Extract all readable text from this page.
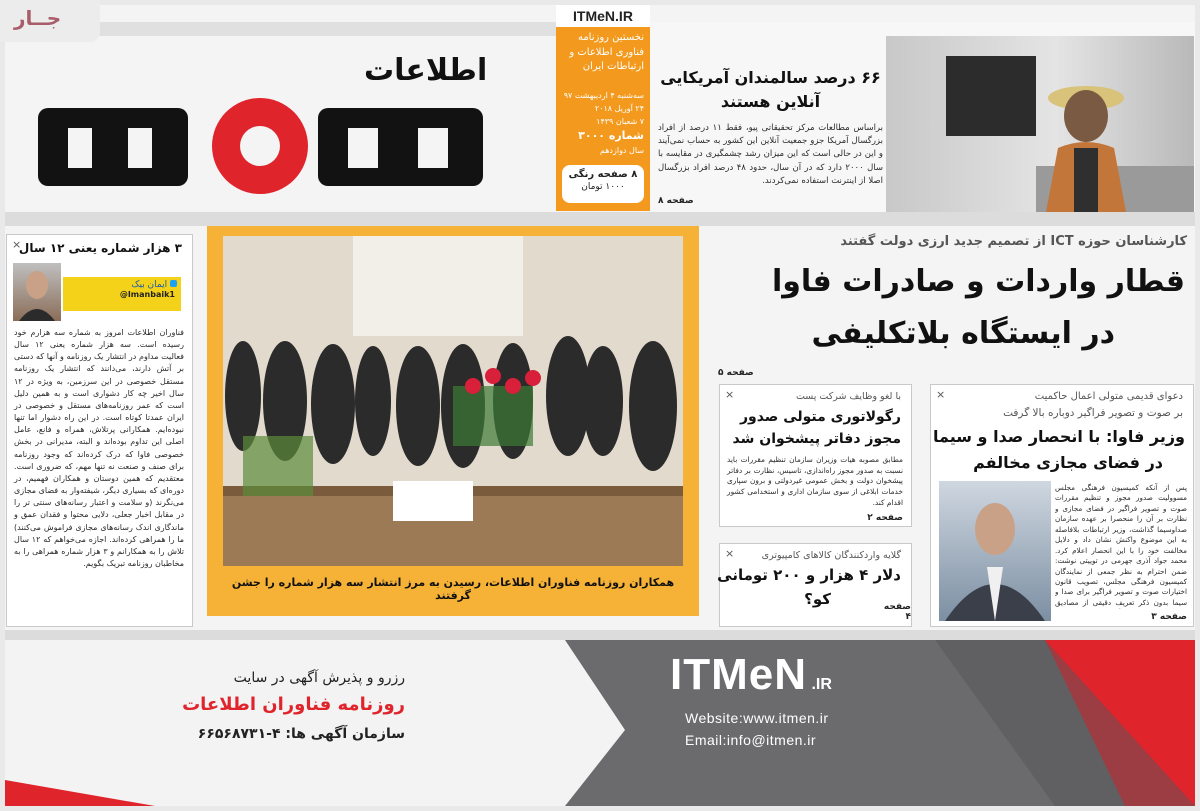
جــار
اطلاعات
ITMeN.IR
نخستین روزنامه فناوری اطلاعات و ارتباطات ایران
سه‌شنبه ۴ اردیبهشت ۹۷
۲۴ آوریل ۲۰۱۸
۷ شعبان ۱۴۳۹
شماره ۳۰۰۰
سال دوازدهم
۸ صفحه رنگی
۱۰۰۰ تومان
۶۶ درصد سالمندان آمریکایی آنلاین هستند
براساس مطالعات مرکز تحقیقاتی پیو، فقط ۱۱ درصد از افراد بزرگسال آمریکا جزو جمعیت آنلاین این کشور به حساب نمی‌آیند و این در حالی است که این میزان رشد چشمگیری در مقایسه با سال ۲۰۰۰ دارد که در آن سال، حدود ۴۸ درصد افراد بزرگسال اصلا از اینترنت استفاده نمی‌کردند.
صفحه ۸
×
۳ هزار شماره یعنی ۱۲ سال
ایمان بیک
@Imanbaik1
فناوران اطلاعات امروز به شماره سه هزارم خود رسیده است. سه هزار شماره یعنی ۱۲ سال فعالیت مداوم در انتشار یک روزنامه و آنها که دستی بر آتش دارند، می‌دانند که انتشار یک روزنامه مستقل خصوصی در این سرزمین، به ویژه در ۱۲ سال اخیر چه کار دشواری است و به همین دلیل است که عمر روزنامه‌های مستقل و خصوصی در ایران عمدتا کوتاه است. در این راه دشوار اما تنها نبوده‌ایم. همکارانی پرتلاش، همراه و فانع، عامل اصلی این تداوم بوده‌اند و البته، مدیرانی در بخش خصوصی فاوا که درک کرده‌اند که وجود روزنامه برای صنف و صنعت نه تنها مهم، که ضروری است. معتقدیم که همین دوستان و همکاران فهمیم، در دوره‌ای که بسیاری دیگر، شیفته‌وار به فضای مجازی می‌نگرند (و سلامت و اعتبار رسانه‌های سنتی تر را در مقابل اخبار جعلی، دلایی محتوا و فقدان عمق و ماندگاری اندک رسانه‌های مجازی فراموش می‌کنند) ما را همراهی کرده‌اند. اجازه می‌خواهم که ۱۲ سال تلاش را به همکارانم و ۳ هزار شماره همراهی را به مخاطبان روزنامه تبریک بگویم.
همکاران روزنامه فناوران اطلاعات، رسیدن به مرز انتشار سه هزار شماره را جشن گرفتند
کارشناسان حوزه ICT از تصمیم جدید ارزی دولت گفتند
قطار واردات و صادرات فاوا
در ایستگاه بلاتکلیفی
صفحه ۵
×	دعوای قدیمی متولی اعمال حاکمیت
بر صوت و تصویر فراگیر دوباره بالا گرفت
وزیر فاوا: با انحصار صدا و سیما
در فضای مجازی مخالفم
پس از آنکه کمیسیون فرهنگی مجلس مسوولیت صدور مجوز و تنظیم مقررات صوت و تصویر فراگیر در فضای مجازی و نظارت بر آن را منحصرا بر عهده سازمان صداوسیما گذاشت، وزیر ارتباطات بلافاصله به این موضوع واکنش نشان داد و دلایل مخالفت خود را با این انحصار اعلام کرد. محمد جواد آذری جهرمی در توییتی نوشت: ضمن احترام به نظر جمعی از نمایندگان کمیسیون فرهنگی مجلس، تصویب قانون اختیارات صوت و تصویر فراگیر برای صدا و سیما بدون ذکر تعریف دقیقی از مصادیق
صفحه ۳
×	با لغو وظایف شرکت پست
رگولاتوری متولی صدور
مجوز دفاتر پیشخوان شد
مطابق مصوبه هیات وزیران سازمان تنظیم مقررات باید نسبت به صدور مجوز راه‌اندازی، تاسیس، نظارت بر دفاتر پیشخوان دولت و بخش عمومی غیردولتی و برون سپاری خدمات ابلاغی از سوی سازمان اداری و استخدامی کشور اقدام کند.
صفحه ۲
×	گلایه واردکنندگان کالاهای کامپیوتری
دلار ۴ هزار و ۲۰۰ تومانی
کو؟	صفحه ۴
رزرو و پذیرش آگهی در سایت
روزنامه فناوران اطلاعات
سازمان آگهی ها: ۴-۶۶۵۶۸۷۳۱
ITMeN .IR
Website:www.itmen.ir
Email:info@itmen.ir
